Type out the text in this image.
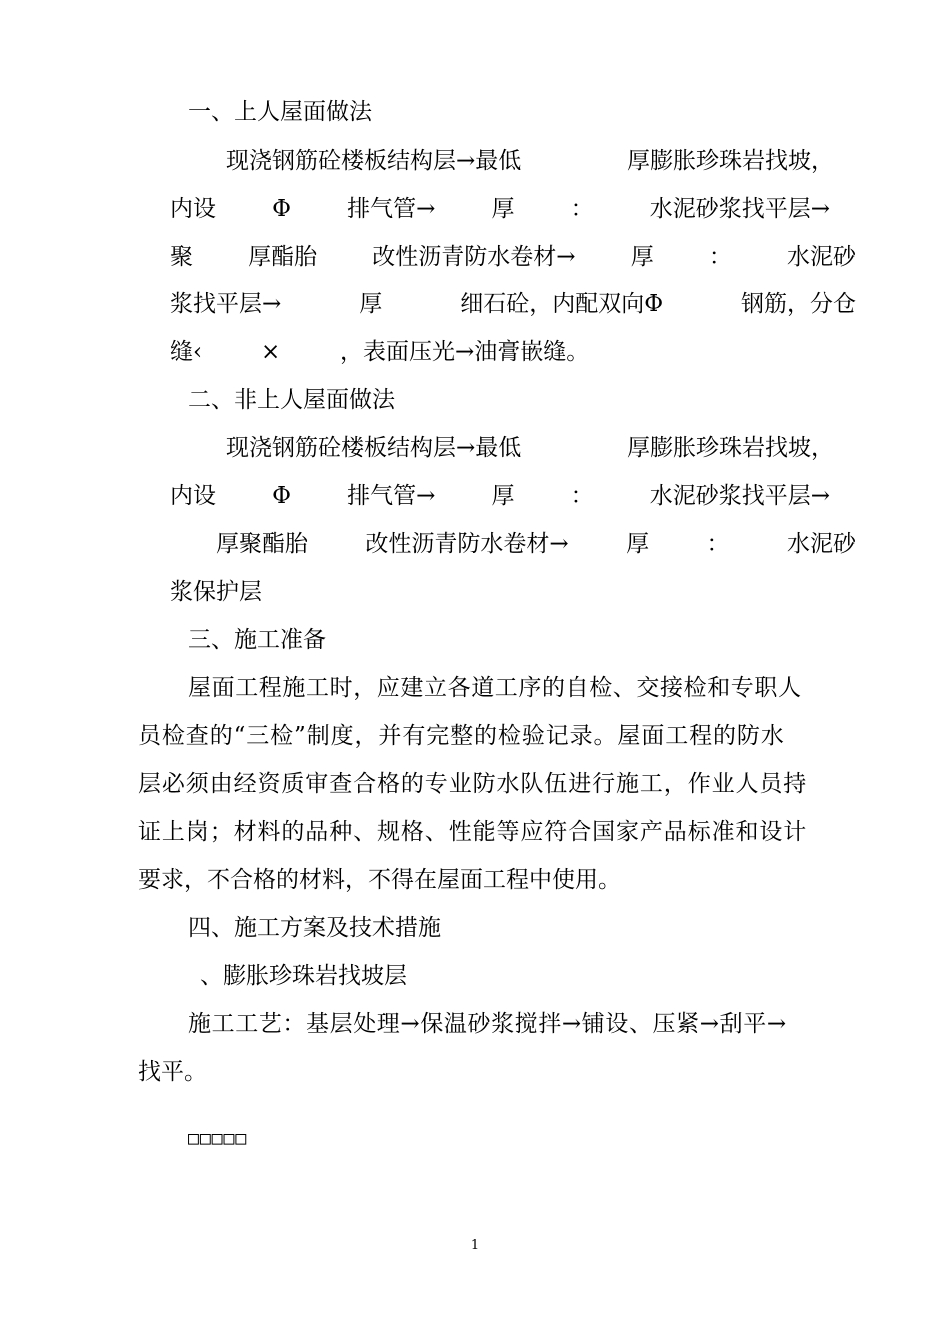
一、上人屋面做法
现浇钢筋砼楼板结构层→最低	厚膨胀珍珠岩找坡，
内设 Φ 排气管→ 厚 ： 水泥砂浆找平层→
聚 厚酯胎 改性沥青防水卷材→ 厚 ： 水泥砂
浆找平层→	厚	细石砼，内配双向Φ	钢筋，分仓
缝‹	×	，表面压光→油膏嵌缝。
二、非上人屋面做法
现浇钢筋砼楼板结构层→最低	厚膨胀珍珠岩找坡，
内设 Φ 排气管→ 厚 ： 水泥砂浆找平层→
厚聚酯胎 改性沥青防水卷材→ 厚 ： 水泥砂
浆保护层
三、施工准备
屋面工程施工时，应建立各道工序的自检、交接检和专职人
员检查的“三检”制度，并有完整的检验记录。屋面工程的防水
层必须由经资质审查合格的专业防水队伍进行施工，作业人员持
证上岗；材料的品种、规格、性能等应符合国家产品标准和设计
要求，不合格的材料，不得在屋面工程中使用。
四、施工方案及技术措施
、膨胀珍珠岩找坡层
施工工艺：基层处理→保温砂浆搅拌→铺设、压紧→刮平→
找平。
□□□□□
1
